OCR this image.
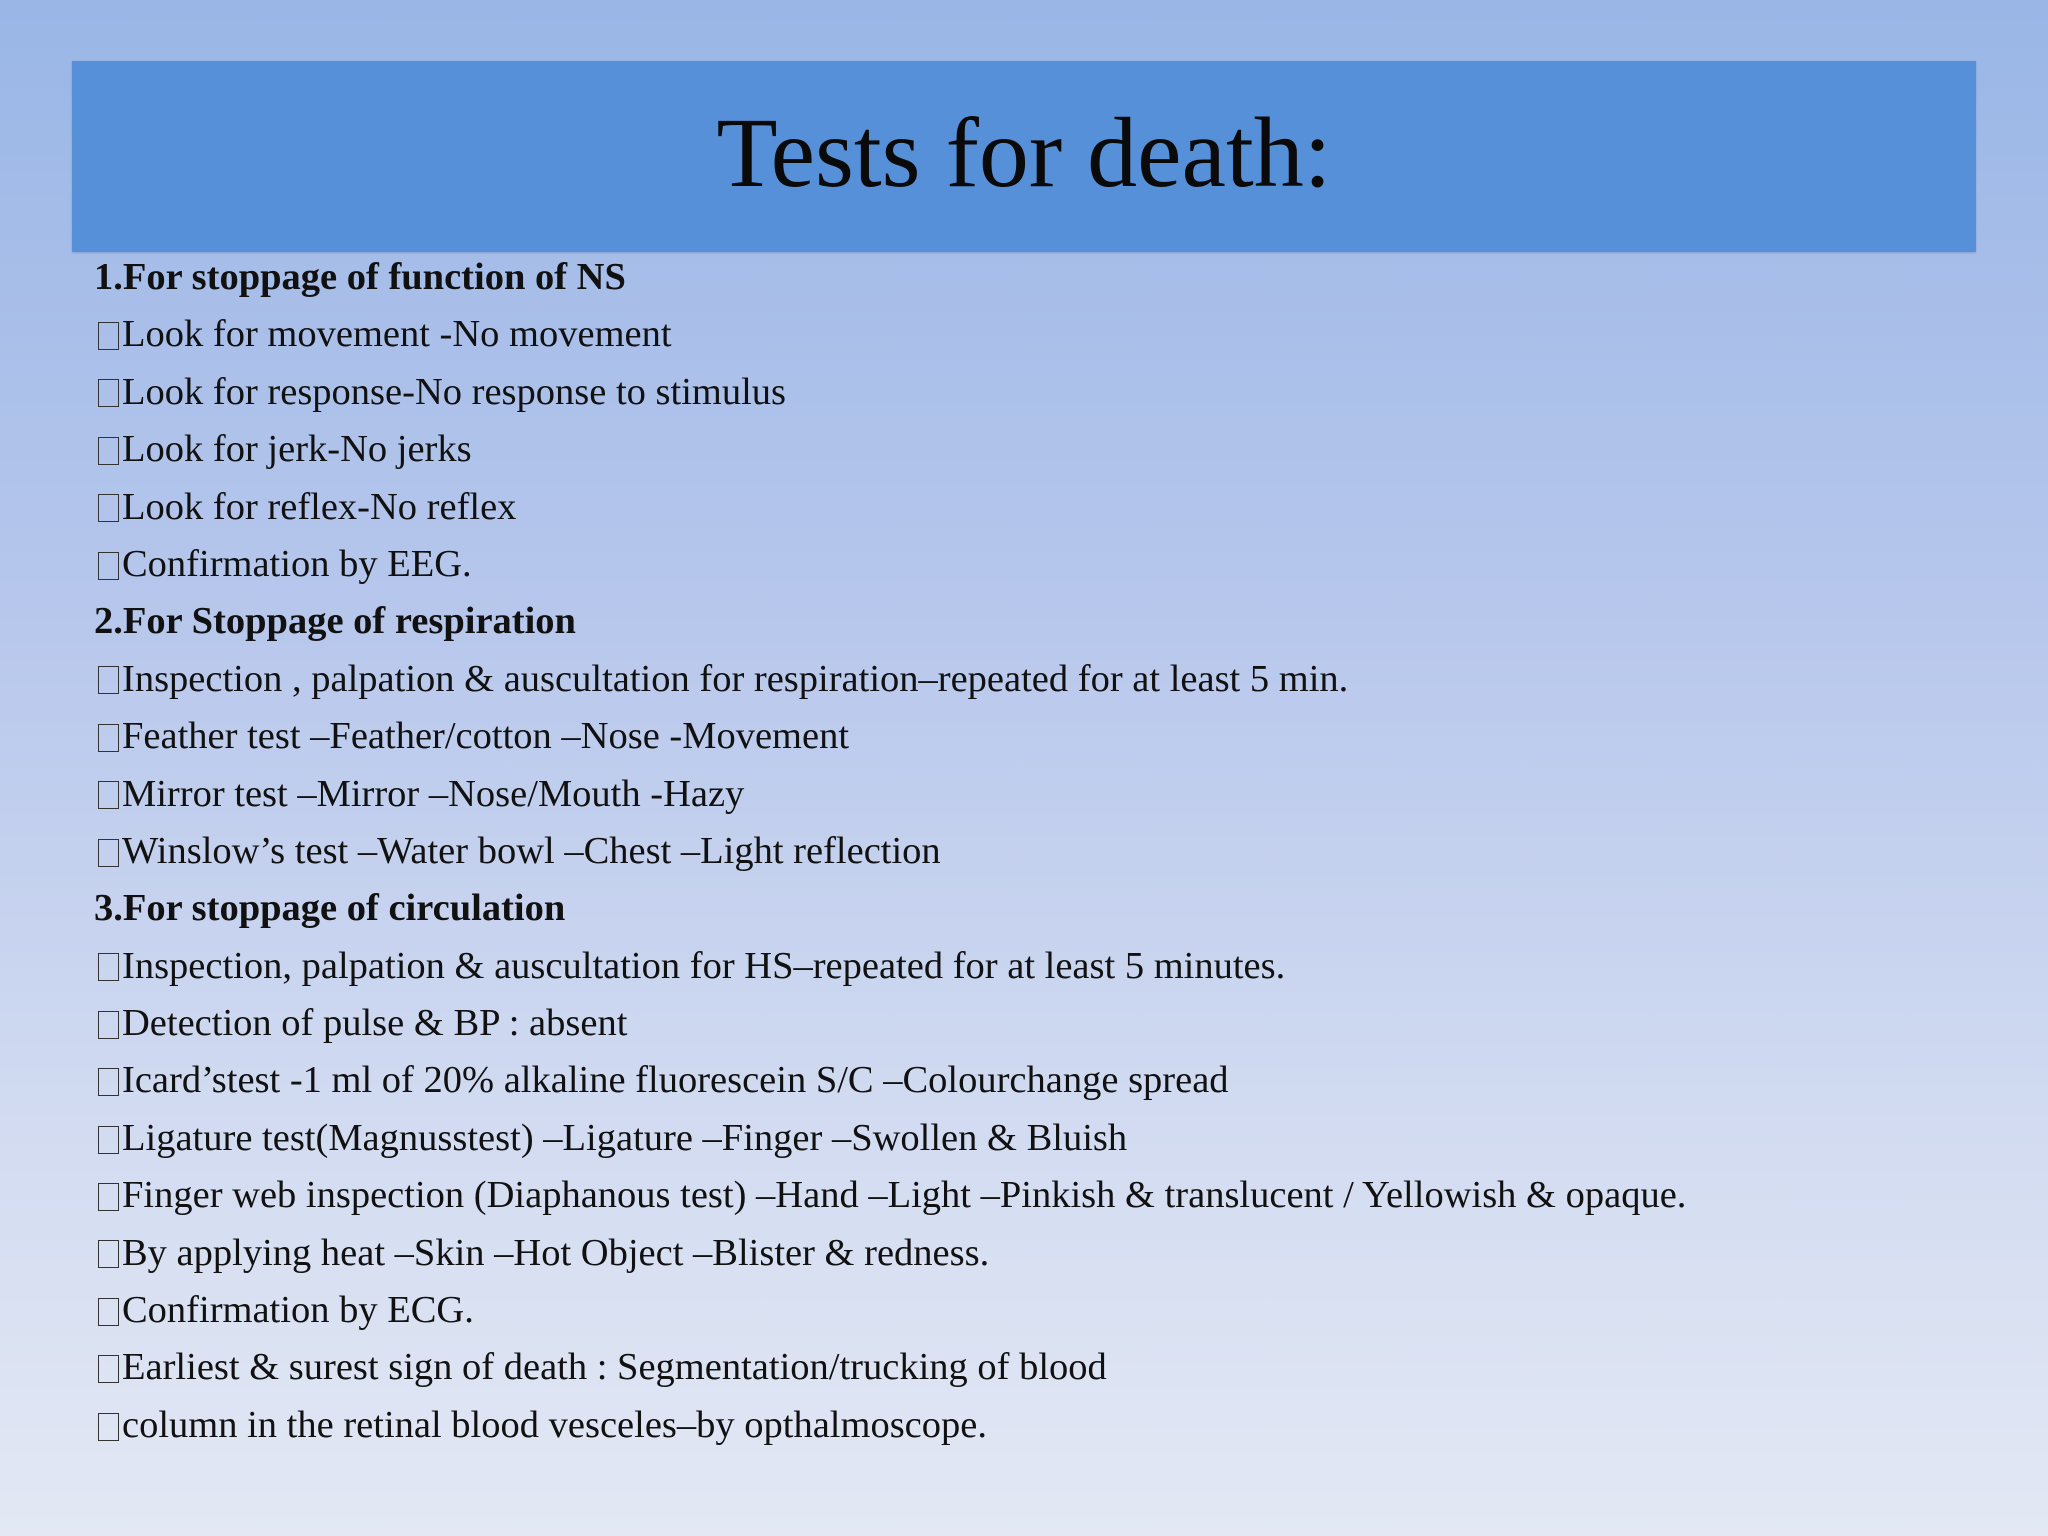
Tests for death:
1.For stoppage of function of NS
Look for movement -No movement
Look for response-No response to stimulus
Look for jerk-No jerks
Look for reflex-No reflex
Confirmation by EEG.
2.For Stoppage of respiration
Inspection , palpation & auscultation for respiration–repeated for at least 5 min.
Feather test –Feather/cotton –Nose -Movement
Mirror test –Mirror –Nose/Mouth -Hazy
Winslow’s test –Water bowl –Chest –Light reflection
3.For stoppage of circulation
Inspection, palpation & auscultation for HS–repeated for at least 5 minutes.
Detection of pulse & BP : absent
Icard’stest -1 ml of 20% alkaline fluorescein S/C –Colourchange spread
Ligature test(Magnusstest) –Ligature –Finger –Swollen & Bluish
Finger web inspection (Diaphanous test) –Hand –Light –Pinkish & translucent / Yellowish & opaque.
By applying heat –Skin –Hot Object –Blister & redness.
Confirmation by ECG.
Earliest & surest sign of death : Segmentation/trucking of blood
column in the retinal blood vesceles–by opthalmoscope.
